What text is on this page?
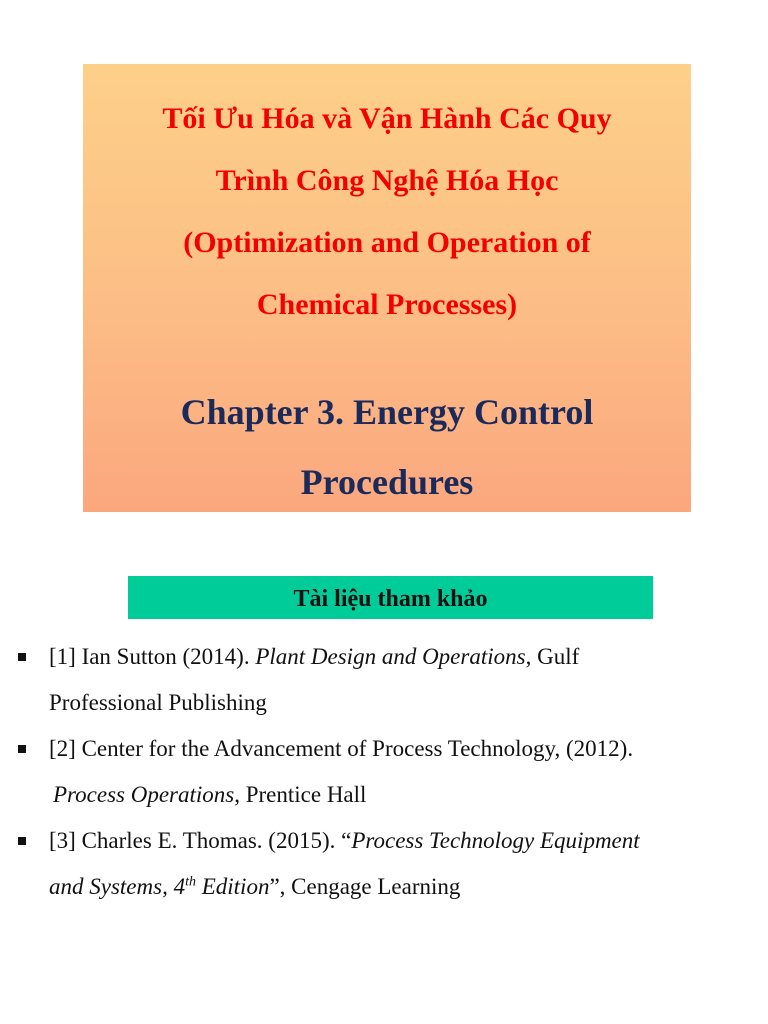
Tối Ưu Hóa và Vận Hành Các Quy
Trình Công Nghệ Hóa Học
(Optimization and Operation of
Chemical Processes)
Chapter 3. Energy Control
Procedures
Tài liệu tham khảo
[1] Ian Sutton (2014). Plant Design and Operations, Gulf
Professional Publishing
[2] Center for the Advancement of Process Technology, (2012).
Process Operations, Prentice Hall
[3] Charles E. Thomas. (2015). “Process Technology Equipment
and Systems, 4th Edition”, Cengage Learning
